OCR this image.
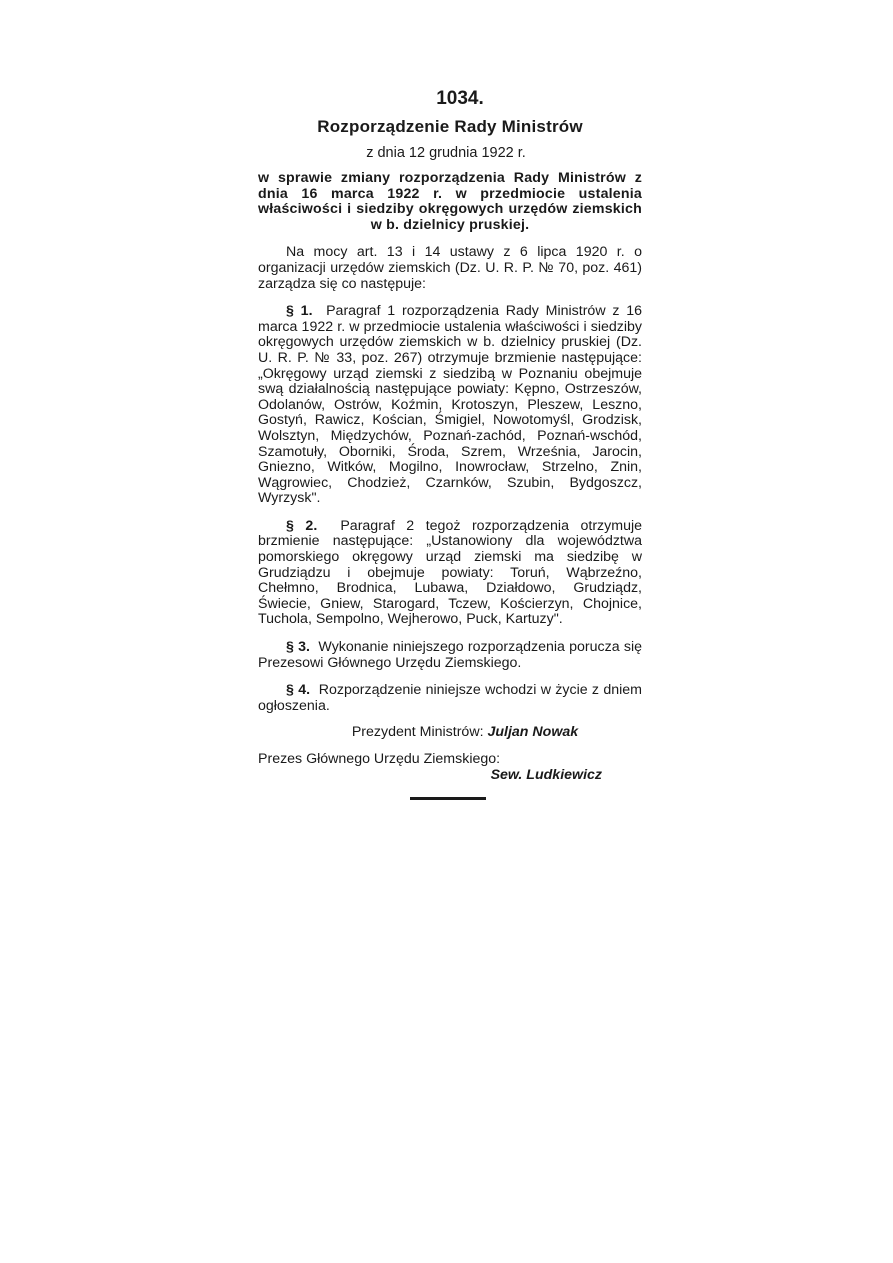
1034.
Rozporządzenie Rady Ministrów
z dnia 12 grudnia 1922 r.
w sprawie zmiany rozporządzenia Rady Ministrów z dnia 16 marca 1922 r. w przedmiocie ustalenia właściwości i siedziby okręgowych urzędów ziemskich w b. dzielnicy pruskiej.

Na mocy art. 13 i 14 ustawy z 6 lipca 1920 r. o organizacji urzędów ziemskich (Dz. U. R. P. № 70, poz. 461) zarządza się co następuje:

§ 1. Paragraf 1 rozporządzenia Rady Ministrów z 16 marca 1922 r. w przedmiocie ustalenia właściwości i siedziby okręgowych urzędów ziemskich w b. dzielnicy pruskiej (Dz. U. R. P. № 33, poz. 267) otrzymuje brzmienie następujące: „Okręgowy urząd ziemski z siedzibą w Poznaniu obejmuje swą działalnością następujące powiaty: Kępno, Ostrzeszów, Odolanów, Ostrów, Koźmin, Krotoszyn, Pleszew, Leszno, Gostyń, Rawicz, Kościan, Śmigiel, Nowotomyśl, Grodzisk, Wolsztyn, Międzychów, Poznań-zachód, Poznań-wschód, Szamotuły, Oborniki, Środa, Szrem, Września, Jarocin, Gniezno, Witków, Mogilno, Inowrocław, Strzelno, Znin, Wągrowiec, Chodzież, Czarnków, Szubin, Bydgoszcz, Wyrzysk".

§ 2. Paragraf 2 tegoż rozporządzenia otrzymuje brzmienie następujące: „Ustanowiony dla województwa pomorskiego okręgowy urząd ziemski ma siedzibę w Grudziądzu i obejmuje powiaty: Toruń, Wąbrzeźno, Chełmno, Brodnica, Lubawa, Działdowo, Grudziądz, Świecie, Gniew, Starogard, Tczew, Kościerzyn, Chojnice, Tuchola, Sempolno, Wejherowo, Puck, Kartuzy".

§ 3. Wykonanie niniejszego rozporządzenia porucza się Prezesowi Głównego Urzędu Ziemskiego.

§ 4. Rozporządzenie niniejsze wchodzi w życie z dniem ogłoszenia.

Prezydent Ministrów: Juljan Nowak
Prezes Głównego Urzędu Ziemskiego:
Sew. Ludkiewicz
